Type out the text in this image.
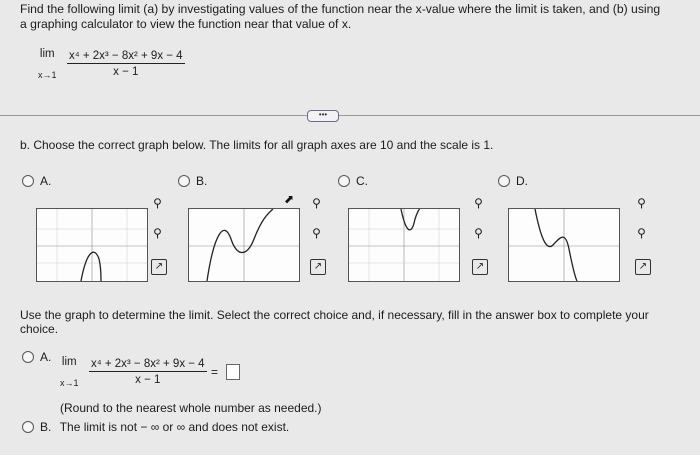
Find the following limit (a) by investigating values of the function near the x-value where the limit is taken, and (b) using a graphing calculator to view the function near that value of x.
lim
x→1
$\frac{\text{x⁴ + 2x³ − 8x² + 9x − 4}}{x - 1}$
•••
b. Choose the correct graph below. The limits for all graph axes are 10 and the scale is 1.
A.	B.	C.	D.
⬈
⚲
⚲
↗
⚲
⚲
↗
⚲
⚲
↗
⚲
⚲
↗
Use the graph to determine the limit. Select the correct choice and, if necessary, fill in the answer box to complete your choice.
A. lim
x→1
$\frac{\text{x⁴ + 2x³ − 8x² + 9x − 4}}{x - 1}$ =
(Round to the nearest whole number as needed.)
B. The limit is not − ∞ or ∞ and does not exist.
